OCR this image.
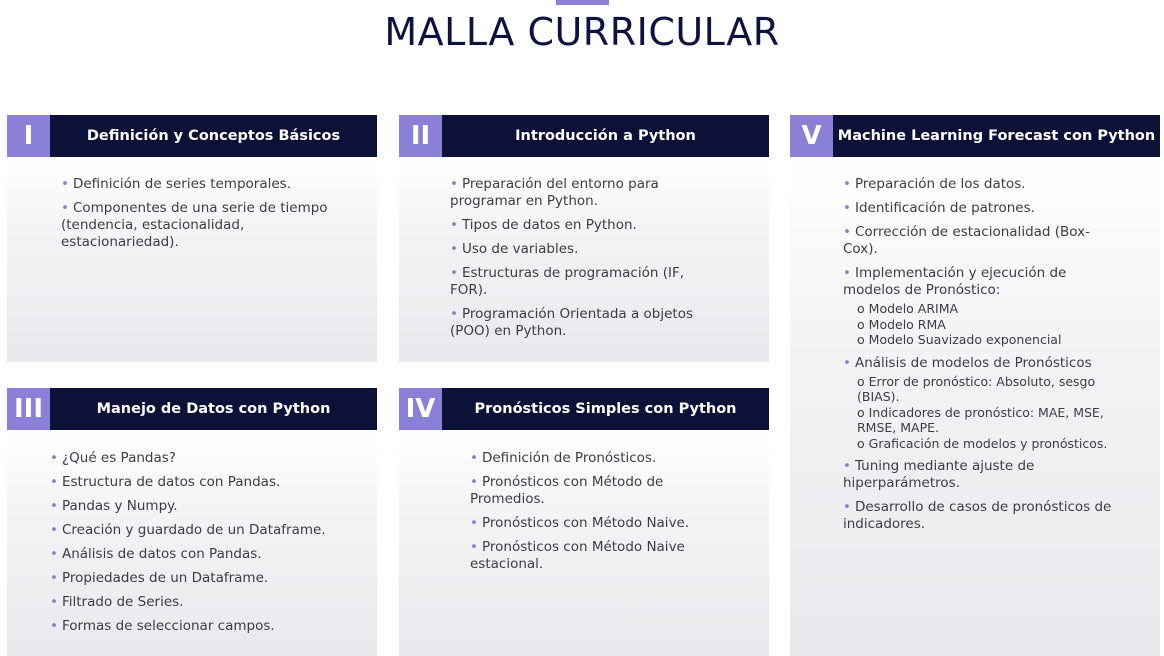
MALLA CURRICULAR
I	Definición y Conceptos Básicos
• Definición de series temporales.
• Componentes de una serie de tiempo (tendencia, estacionalidad, estacionariedad).
II	Introducción a Python
• Preparación del entorno para programar en Python.
• Tipos de datos en Python.
• Uso de variables.
• Estructuras de programación (IF, FOR).
• Programación Orientada a objetos (POO) en Python.
V	Machine Learning Forecast con Python
• Preparación de los datos.
• Identificación de patrones.
• Corrección de estacionalidad (Box-Cox).
• Implementación y ejecución de modelos de Pronóstico:
o Modelo ARIMA
o Modelo RMA
o Modelo Suavizado exponencial
• Análisis de modelos de Pronósticos
o Error de pronóstico: Absoluto, sesgo (BIAS).
o Indicadores de pronóstico: MAE, MSE, RMSE, MAPE.
o Graficación de modelos y pronósticos.
• Tuning mediante ajuste de hiperparámetros.
• Desarrollo de casos de pronósticos de indicadores.
III	Manejo de Datos con Python
• ¿Qué es Pandas?
• Estructura de datos con Pandas.
• Pandas y Numpy.
• Creación y guardado de un Dataframe.
• Análisis de datos con Pandas.
• Propiedades de un Dataframe.
• Filtrado de Series.
• Formas de seleccionar campos.
IV	Pronósticos Simples con Python
• Definición de Pronósticos.
• Pronósticos con Método de Promedios.
• Pronósticos con Método Naive.
• Pronósticos con Método Naive estacional.
